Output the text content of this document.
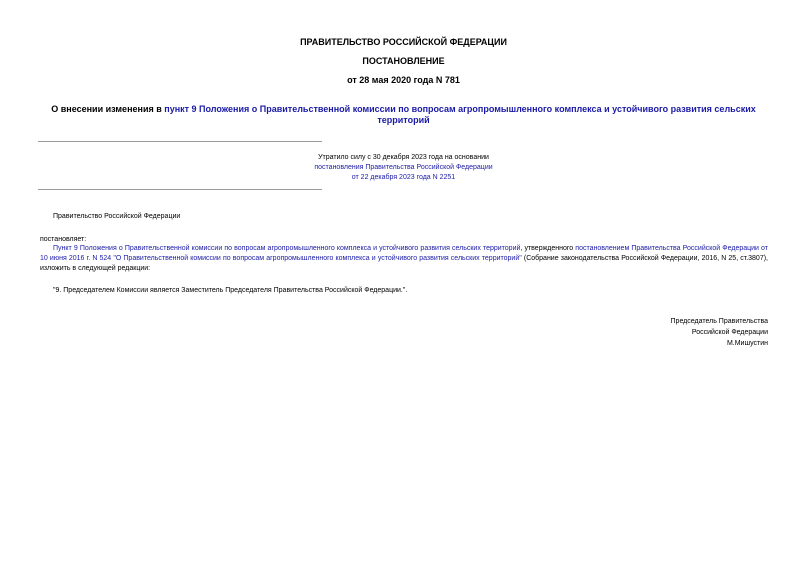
ПРАВИТЕЛЬСТВО РОССИЙСКОЙ ФЕДЕРАЦИИ
ПОСТАНОВЛЕНИЕ
от 28 мая 2020 года N 781
О внесении изменения в пункт 9 Положения о Правительственной комиссии по вопросам агропромышленного комплекса и устойчивого развития сельских территорий
Утратило силу с 30 декабря 2023 года на основании
постановления Правительства Российской Федерации
от 22 декабря 2023 года N 2251
Правительство Российской Федерации
постановляет:
Пункт 9 Положения о Правительственной комиссии по вопросам агропромышленного комплекса и устойчивого развития сельских территорий, утвержденного постановлением Правительства Российской Федерации от 10 июня 2016 г. N 524 "О Правительственной комиссии по вопросам агропромышленного комплекса и устойчивого развития сельских территорий" (Собрание законодательства Российской Федерации, 2016, N 25, ст.3807), изложить в следующей редакции:
"9. Председателем Комиссии является Заместитель Председателя Правительства Российской Федерации.".
Председатель Правительства
Российской Федерации
М.Мишустин
